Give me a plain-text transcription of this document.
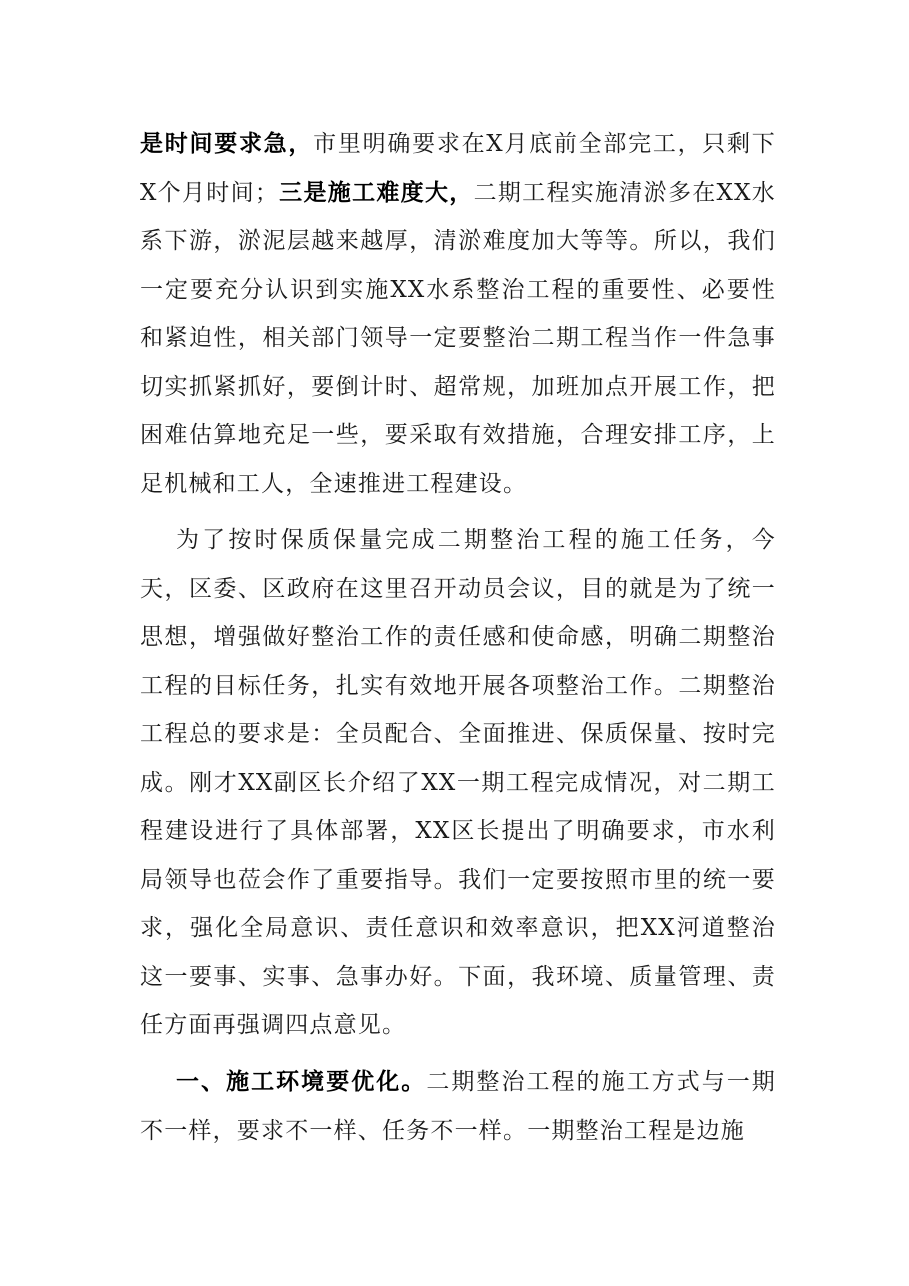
是时间要求急，市里明确要求在X月底前全部完工，只剩下X个月时间；三是施工难度大，二期工程实施清淤多在XX水系下游，淤泥层越来越厚，清淤难度加大等等。所以，我们一定要充分认识到实施XX水系整治工程的重要性、必要性和紧迫性，相关部门领导一定要整治二期工程当作一件急事切实抓紧抓好，要倒计时、超常规，加班加点开展工作，把困难估算地充足一些，要采取有效措施，合理安排工序，上足机械和工人，全速推进工程建设。

为了按时保质保量完成二期整治工程的施工任务，今天，区委、区政府在这里召开动员会议，目的就是为了统一思想，增强做好整治工作的责任感和使命感，明确二期整治工程的目标任务，扎实有效地开展各项整治工作。二期整治工程总的要求是：全员配合、全面推进、保质保量、按时完成。刚才XX副区长介绍了XX一期工程完成情况，对二期工程建设进行了具体部署，XX区长提出了明确要求，市水利局领导也莅会作了重要指导。我们一定要按照市里的统一要求，强化全局意识、责任意识和效率意识，把XX河道整治这一要事、实事、急事办好。下面，我环境、质量管理、责任方面再强调四点意见。

一、施工环境要优化。二期整治工程的施工方式与一期不一样，要求不一样、任务不一样。一期整治工程是边施
